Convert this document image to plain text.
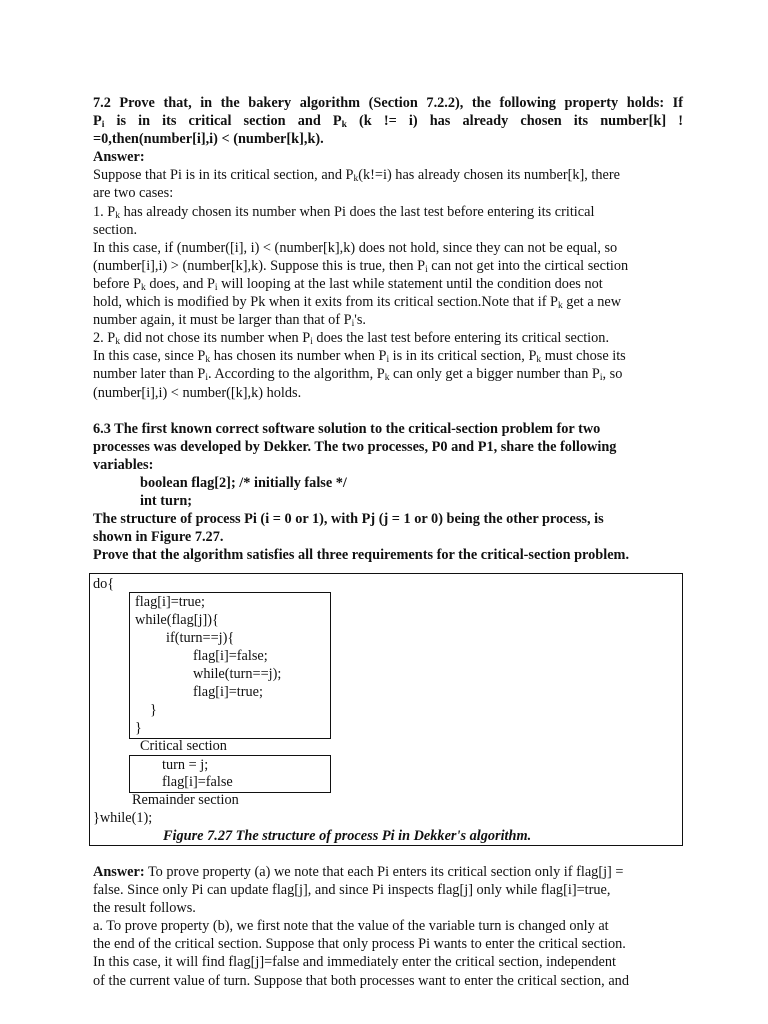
7.2 Prove that, in the bakery algorithm (Section 7.2.2), the following property holds: If

$P_i$ is in its critical section and $P_k$ (k != i) has already chosen its number[k] !

=0,then(number[i],i) < (number[k],k).

Answer:

Suppose that Pi is in its critical section, and $P_k(k!=i)$ has already chosen its number[k], there

are two cases:

1. $P_k$ has already chosen its number when Pi does the last test before entering its critical

section.

In this case, if (number([i], i) < (number[k],k) does not hold, since they can not be equal, so

(number[i],i) > (number[k],k). Suppose this is true, then $P_i$ can not get into the cirtical section

before $P_k$ does, and $P_i$ will looping at the last while statement until the condition does not

hold, which is modified by Pk when it exits from its critical section.Note that if $P_k$ get a new

number again, it must be larger than that of $P_i's$.

2. $P_k$ did not chose its number when $P_i$ does the last test before entering its critical section.

In this case, since $P_k$ has chosen its number when $P_i$ is in its critical section, $P_k$ must chose its

number later than $P_i$. According to the algorithm, $P_k$ can only get a bigger number than $P_i$, so

(number[i],i) < number([k],k) holds.

6.3 The first known correct software solution to the critical-section problem for two

processes was developed by Dekker. The two processes, P0 and P1, share the following

variables:

boolean flag[2]; /* initially false */

int turn;

The structure of process Pi (i = 0 or 1), with Pj (j = 1 or 0) being the other process, is

shown in Figure 7.27.

Prove that the algorithm satisfies all three requirements for the critical-section problem.

do{
flag[i]=true;
while(flag[j]){
if(turn==j){
flag[i]=false;
while(turn==j);
flag[i]=true;
}
}
Critical section
turn = j;
flag[i]=false
Remainder section
}while(1);
Figure 7.27 The structure of process Pi in Dekker's algorithm.

Answer: To prove property (a) we note that each Pi enters its critical section only if flag[j] =

false. Since only Pi can update flag[j], and since Pi inspects flag[j] only while flag[i]=true,

the result follows.

a. To prove property (b), we first note that the value of the variable turn is changed only at

the end of the critical section. Suppose that only process Pi wants to enter the critical section.

In this case, it will find flag[j]=false and immediately enter the critical section, independent

of the current value of turn. Suppose that both processes want to enter the critical section, and
